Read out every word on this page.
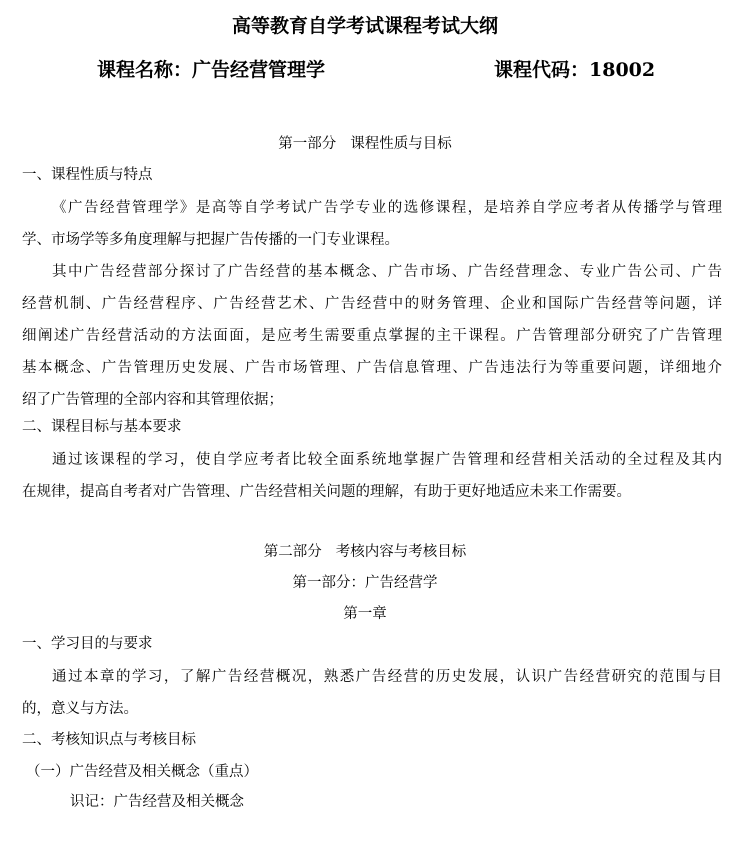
高等教育自学考试课程考试大纲
课程名称：广告经营管理学	课程代码：18002
第一部分 课程性质与目标
一、课程性质与特点
《广告经营管理学》是高等自学考试广告学专业的选修课程，是培养自学应考者从传播学与管理
学、市场学等多角度理解与把握广告传播的一门专业课程。
其中广告经营部分探讨了广告经营的基本概念、广告市场、广告经营理念、专业广告公司、广告
经营机制、广告经营程序、广告经营艺术、广告经营中的财务管理、企业和国际广告经营等问题，详
细阐述广告经营活动的方法面面，是应考生需要重点掌握的主干课程。广告管理部分研究了广告管理
基本概念、广告管理历史发展、广告市场管理、广告信息管理、广告违法行为等重要问题，详细地介
绍了广告管理的全部内容和其管理依据；
二、课程目标与基本要求
通过该课程的学习，使自学应考者比较全面系统地掌握广告管理和经营相关活动的全过程及其内
在规律，提高自考者对广告管理、广告经营相关问题的理解，有助于更好地适应未来工作需要。
第二部分 考核内容与考核目标
第一部分：广告经营学
第一章
一、学习目的与要求
通过本章的学习，了解广告经营概况，熟悉广告经营的历史发展，认识广告经营研究的范围与目
的，意义与方法。
二、考核知识点与考核目标
（一）广告经营及相关概念（重点）
识记：广告经营及相关概念
